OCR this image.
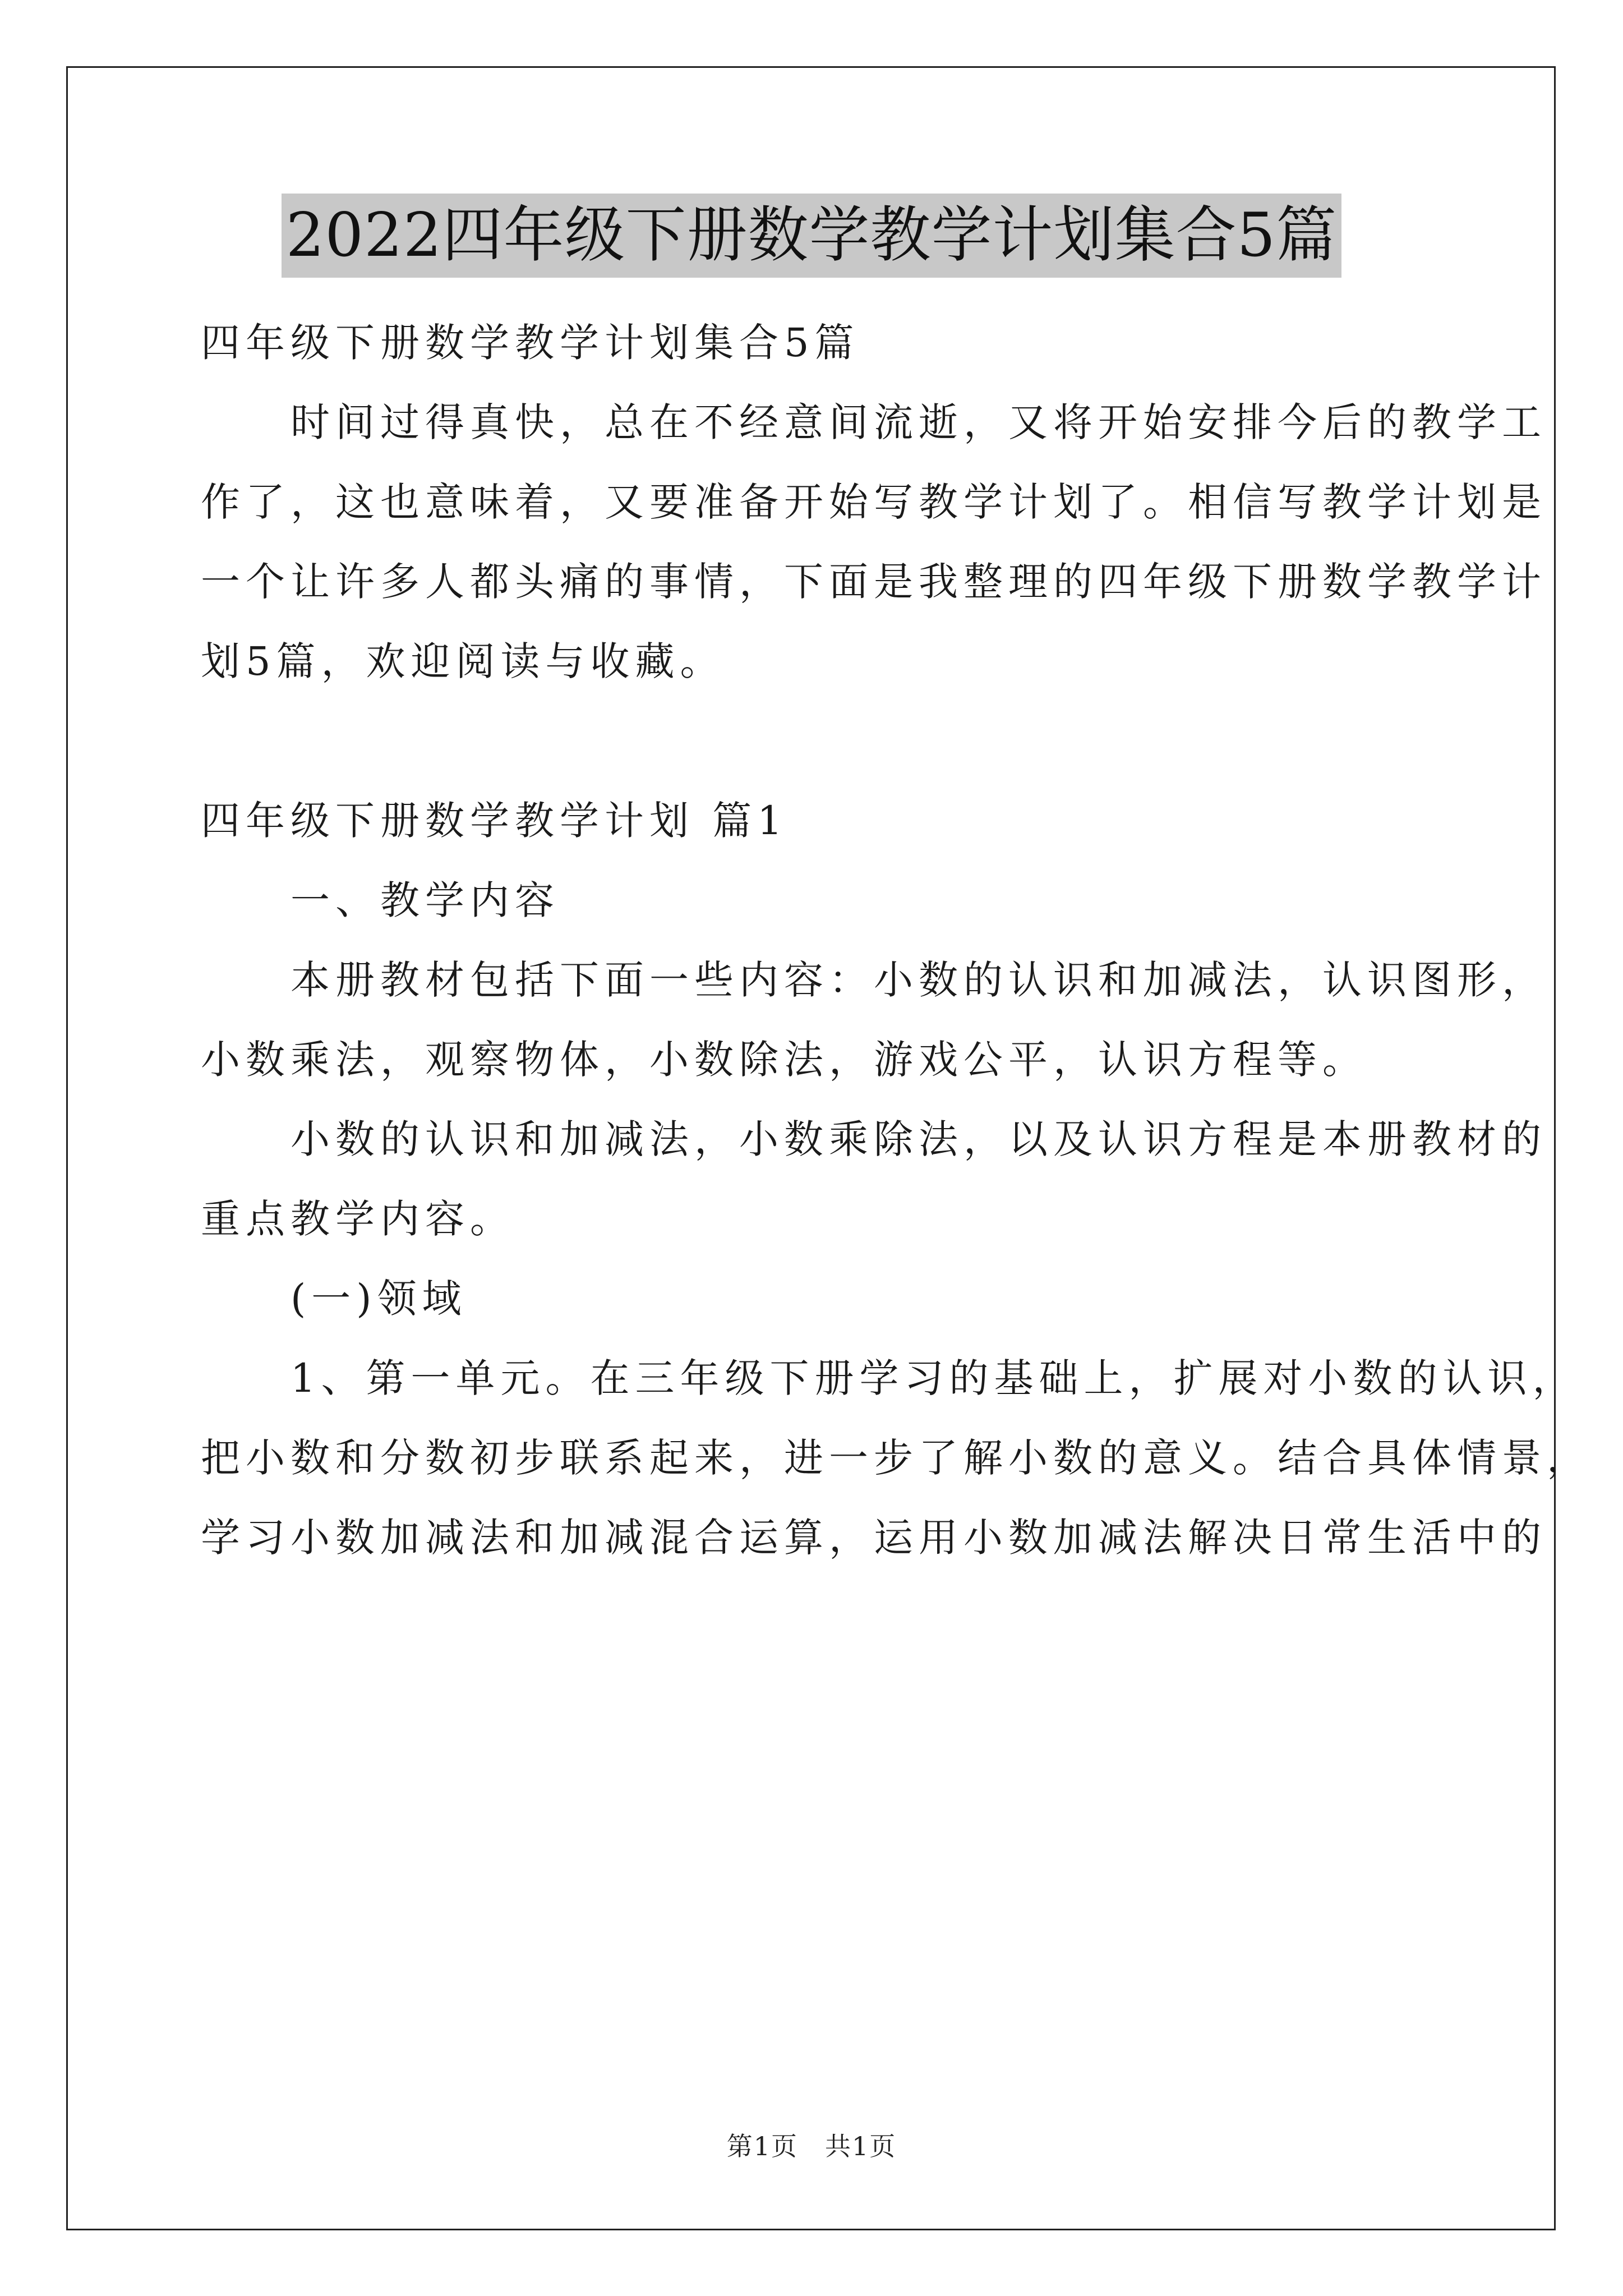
2022四年级下册数学教学计划集合5篇

四年级下册数学教学计划集合5篇

　　时间过得真快，总在不经意间流逝，又将开始安排今后的教学工

作了，这也意味着，又要准备开始写教学计划了。相信写教学计划是

一个让许多人都头痛的事情，下面是我整理的四年级下册数学教学计

划5篇，欢迎阅读与收藏。

四年级下册数学教学计划 篇1

　　一、教学内容

　　本册教材包括下面一些内容：小数的认识和加减法，认识图形，

小数乘法，观察物体，小数除法，游戏公平，认识方程等。

　　小数的认识和加减法，小数乘除法，以及认识方程是本册教材的

重点教学内容。

　　(一)领域

　　1、第一单元。在三年级下册学习的基础上，扩展对小数的认识，

把小数和分数初步联系起来，进一步了解小数的意义。结合具体情景，

学习小数加减法和加减混合运算，运用小数加减法解决日常生活中的

第1页　共1页
